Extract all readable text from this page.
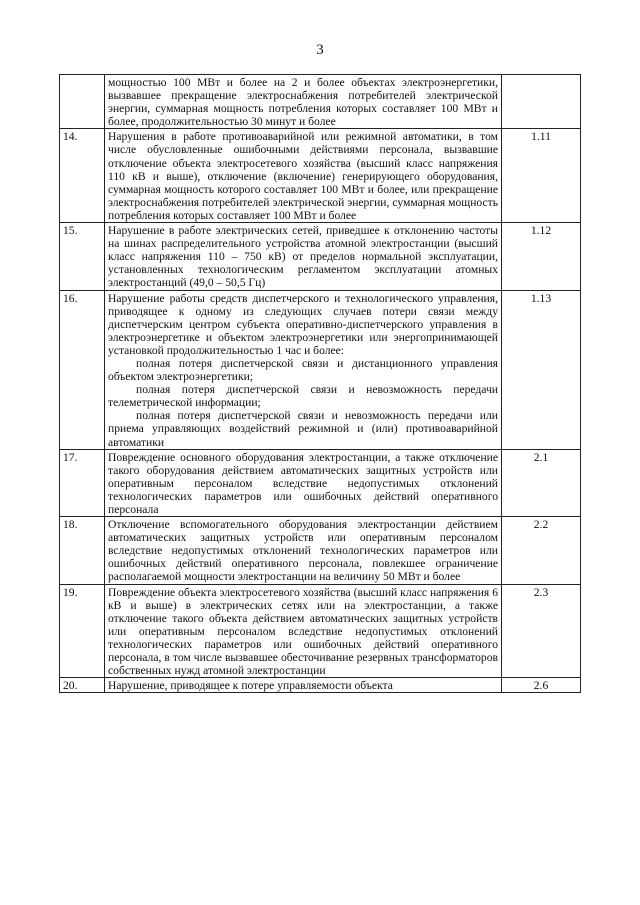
3

	мощностью 100 МВт и более на 2 и более объектах электроэнергетики, вызвавшее прекращение электроснабжения потребителей электрической энергии, суммарная мощность потребления которых составляет 100 МВт и более, продолжительностью 30 минут и более	

14.	Нарушения в работе противоаварийной или режимной автоматики, в том числе обусловленные ошибочными действиями персонала, вызвавшие отключение объекта электросетевого хозяйства (высший класс напряжения 110 кВ и выше), отключение (включение) генерирующего оборудования, суммарная мощность которого составляет 100 МВт и более, или прекращение электроснабжения потребителей электрической энергии, суммарная мощность потребления которых составляет 100 МВт и более	1.11
15.	Нарушение в работе электрических сетей, приведшее к отклонению частоты на шинах распределительного устройства атомной электростанции (высший класс напряжения 110 – 750 кВ) от пределов нормальной эксплуатации, установленных технологическим регламентом эксплуатации атомных электростанций (49,0 – 50,5 Гц)	1.12
16.	Нарушение работы средств диспетчерского и технологического управления, приводящее к одному из следующих случаев потери связи между диспетчерским центром субъекта оперативно-диспетчерского управления в электроэнергетике и объектом электроэнергетики или энергопринимающей установкой продолжительностью 1 час и более:
полная потеря диспетчерской связи и дистанционного управления объектом электроэнергетики;
полная потеря диспетчерской связи и невозможность передачи телеметрической информации;
полная потеря диспетчерской связи и невозможность передачи или приема управляющих воздействий режимной и (или) противоаварийной автоматики	1.13
17.	Повреждение основного оборудования электростанции, а также отключение такого оборудования действием автоматических защитных устройств или оперативным персоналом вследствие недопустимых отклонений технологических параметров или ошибочных действий оперативного персонала	2.1
18.	Отключение вспомогательного оборудования электростанции действием автоматических защитных устройств или оперативным персоналом вследствие недопустимых отклонений технологических параметров или ошибочных действий оперативного персонала, повлекшее ограничение располагаемой мощности электростанции на величину 50 МВт и более	2.2
19.	Повреждение объекта электросетевого хозяйства (высший класс напряжения 6 кВ и выше) в электрических сетях или на электростанции, а также отключение такого объекта действием автоматических защитных устройств или оперативным персоналом вследствие недопустимых отклонений технологических параметров или ошибочных действий оперативного персонала, в том числе вызвавшее обесточивание резервных трансформаторов собственных нужд атомной электростанции	2.3
20.	Нарушение, приводящее к потере управляемости объекта	2.6
